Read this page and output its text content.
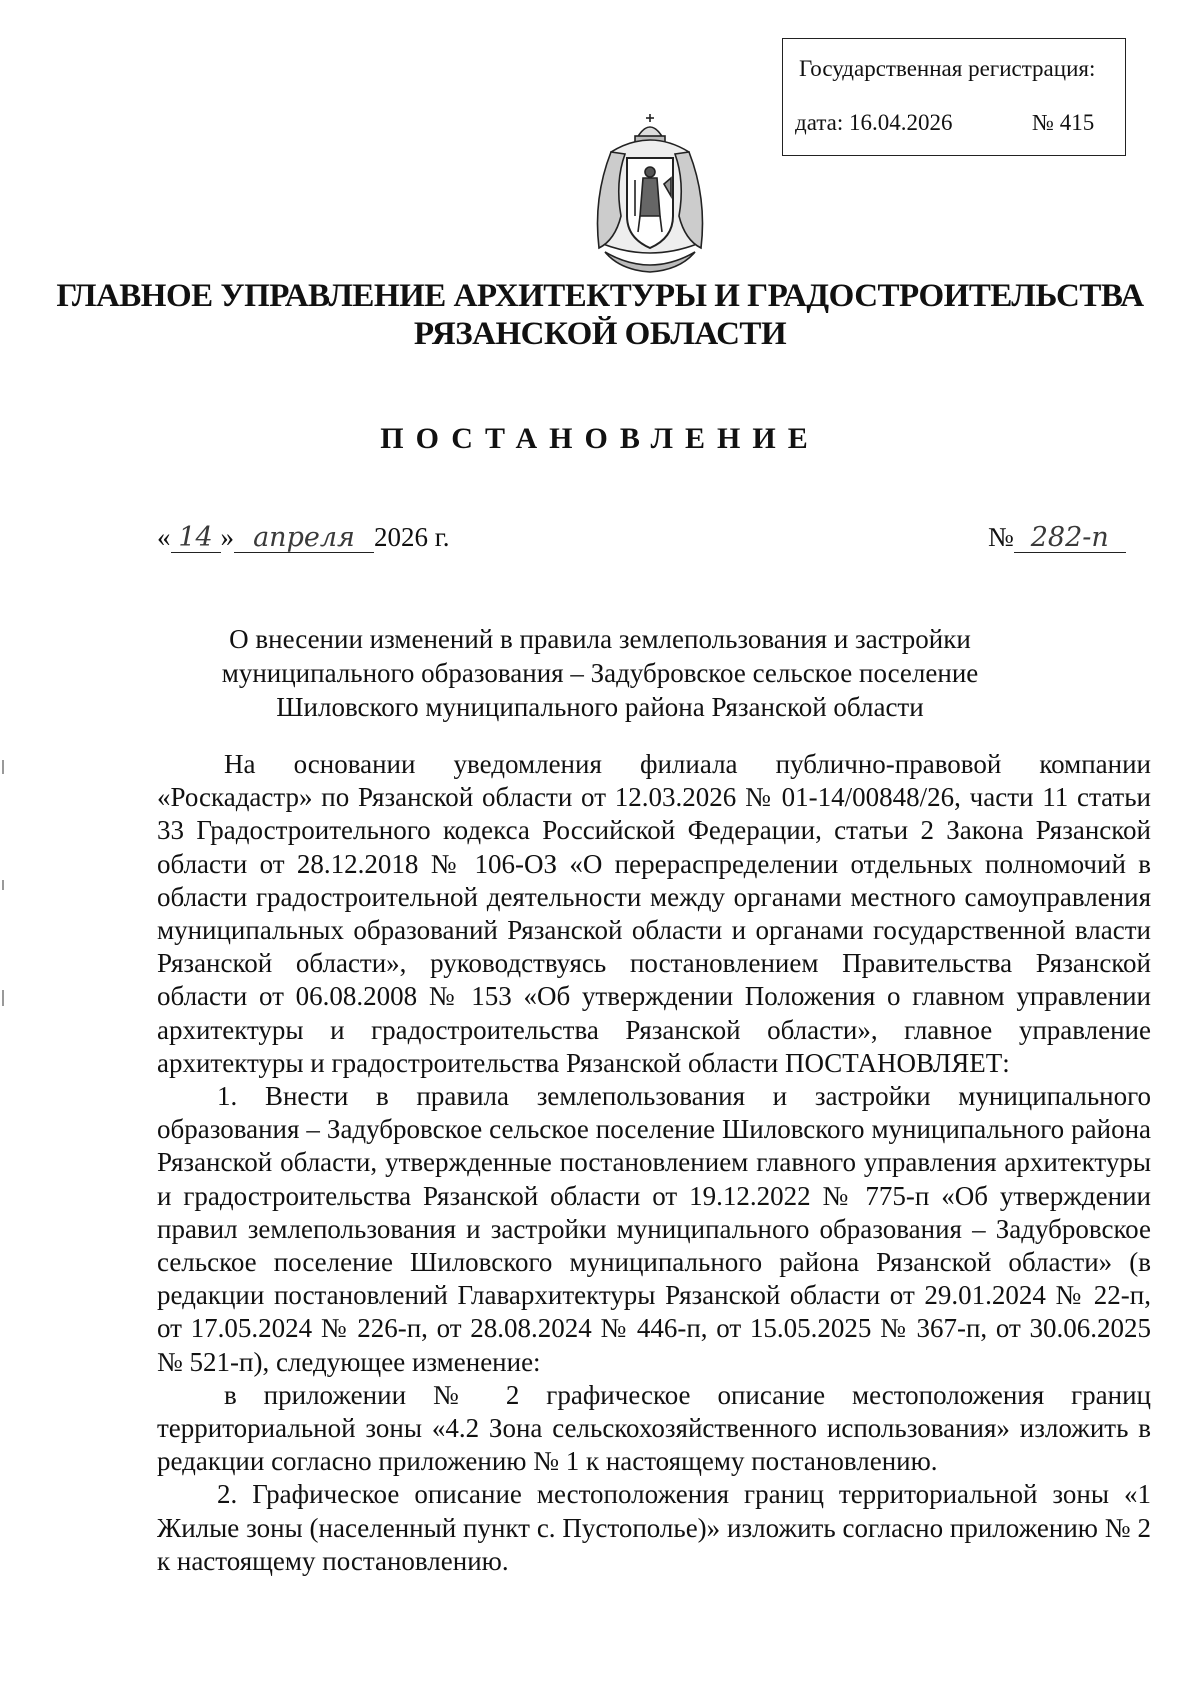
Государственная регистрация:
дата: 16.04.2026	№ 415
ГЛАВНОЕ УПРАВЛЕНИЕ АРХИТЕКТУРЫ И ГРАДОСТРОИТЕЛЬСТВА
РЯЗАНСКОЙ ОБЛАСТИ
ПОСТАНОВЛЕНИЕ
« 14 » апреля 2026 г.	№ 282-п
О внесении изменений в правила землепользования и застройки
муниципального образования – Задубровское сельское поселение
Шиловского муниципального района Рязанской области

На основании уведомления филиала публично-правовой компании «Роскадастр» по Рязанской области от 12.03.2026 № 01-14/00848/26, части 11 статьи 33 Градостроительного кодекса Российской Федерации, статьи 2 Закона Рязанской области от 28.12.2018 № 106-ОЗ «О перераспределении отдельных полномочий в области градостроительной деятельности между органами местного самоуправления муниципальных образований Рязанской области и органами государственной власти Рязанской области», руководствуясь постановлением Правительства Рязанской области от 06.08.2008 № 153 «Об утверждении Положения о главном управлении архитектуры и градостроительства Рязанской области», главное управление архитектуры и градостроительства Рязанской области ПОСТАНОВЛЯЕТ:

1. Внести в правила землепользования и застройки муниципального образования – Задубровское сельское поселение Шиловского муниципального района Рязанской области, утвержденные постановлением главного управления архитектуры и градостроительства Рязанской области от 19.12.2022 № 775-п «Об утверждении правил землепользования и застройки муниципального образования – Задубровское сельское поселение Шиловского муниципального района Рязанской области» (в редакции постановлений Главархитектуры Рязанской области от 29.01.2024 № 22-п, от 17.05.2024 № 226-п, от 28.08.2024 № 446-п, от 15.05.2025 № 367-п, от 30.06.2025 № 521-п), следующее изменение:

в приложении № 2 графическое описание местоположения границ территориальной зоны «4.2 Зона сельскохозяйственного использования» изложить в редакции согласно приложению № 1 к настоящему постановлению.

2. Графическое описание местоположения границ территориальной зоны «1 Жилые зоны (населенный пункт с. Пустополье)» изложить согласно приложению № 2 к настоящему постановлению.
